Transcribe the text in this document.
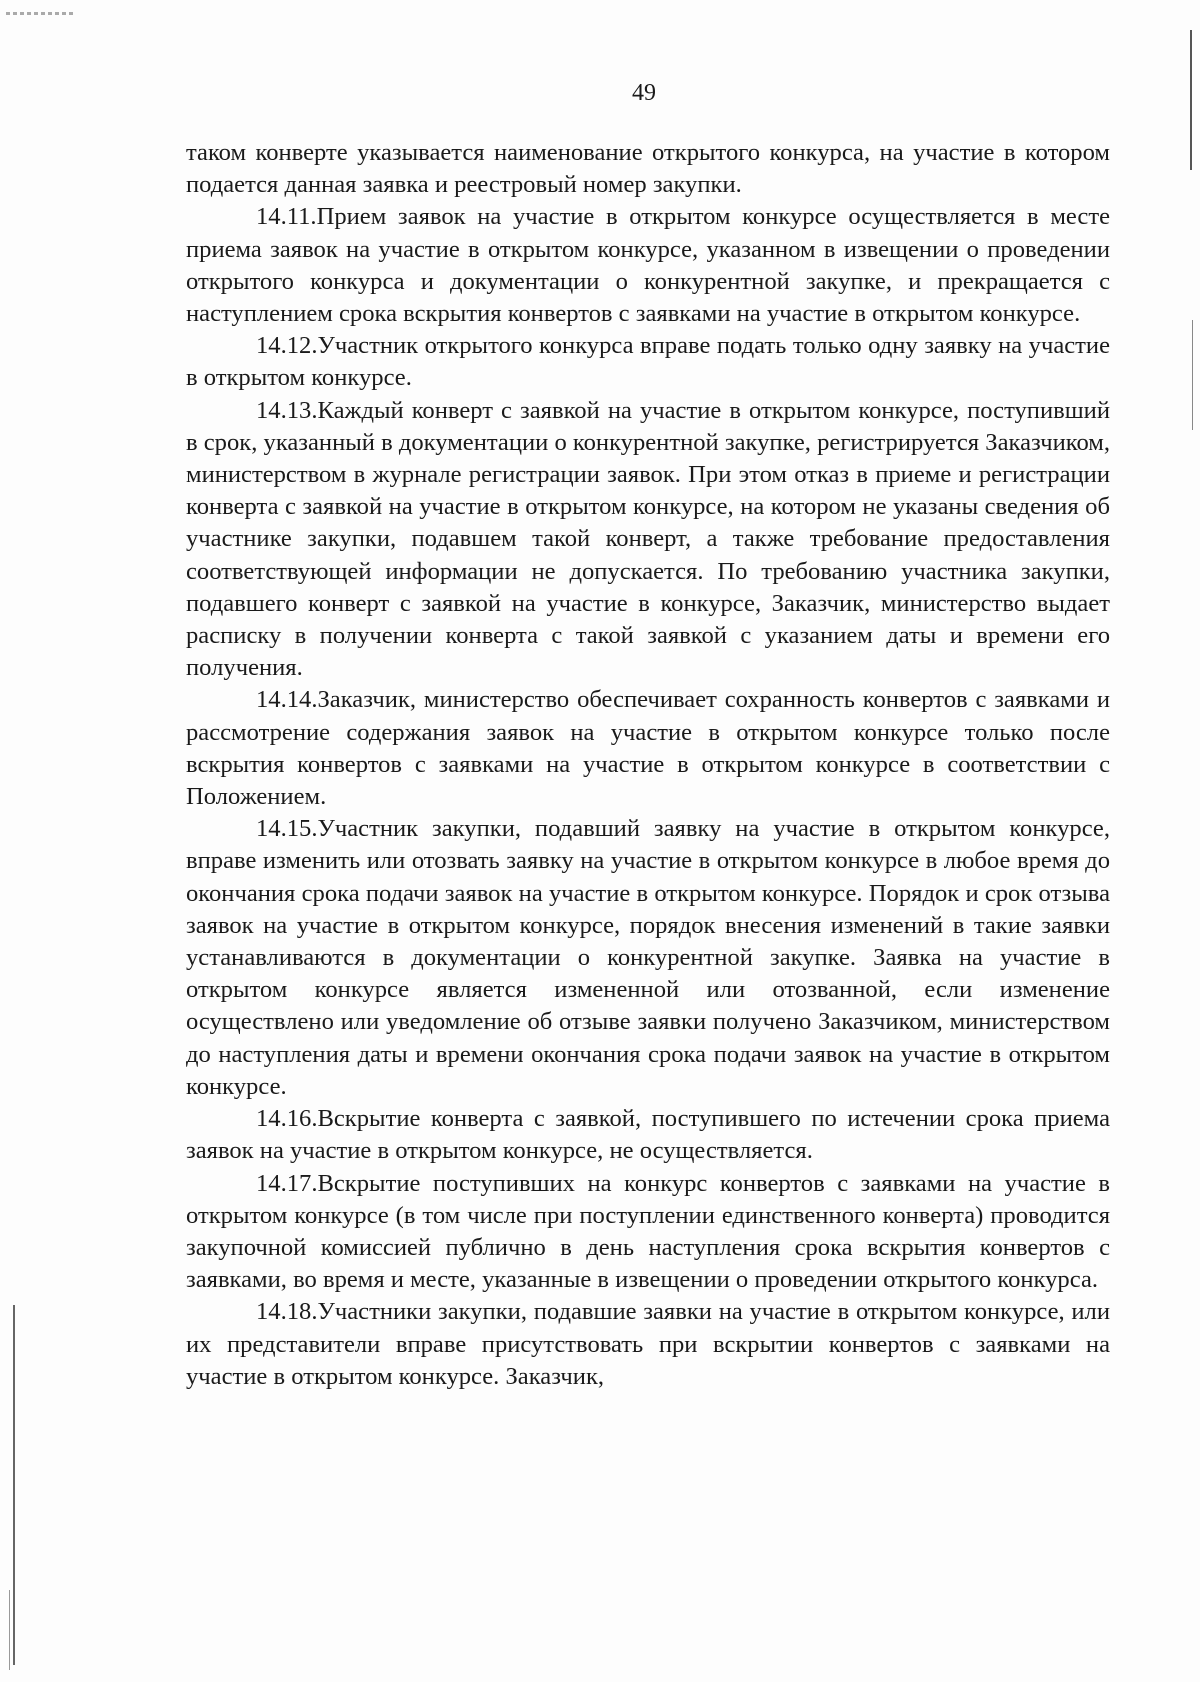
49

таком конверте указывается наименование открытого конкурса, на участие в котором подается данная заявка и реестровый номер закупки.

14.11.Прием заявок на участие в открытом конкурсе осуществляется в месте приема заявок на участие в открытом конкурсе, указанном в извещении о проведении открытого конкурса и документации о конкурентной закупке, и прекращается с наступлением срока вскрытия конвертов с заявками на участие в открытом конкурсе.

14.12.Участник открытого конкурса вправе подать только одну заявку на участие в открытом конкурсе.

14.13.Каждый конверт с заявкой на участие в открытом конкурсе, поступивший в срок, указанный в документации о конкурентной закупке, регистрируется Заказчиком, министерством в журнале регистрации заявок. При этом отказ в приеме и регистрации конверта с заявкой на участие в открытом конкурсе, на котором не указаны сведения об участнике закупки, подавшем такой конверт, а также требование предоставления соответствующей информации не допускается. По требованию участника закупки, подавшего конверт с заявкой на участие в конкурсе, Заказчик, министерство выдает расписку в получении конверта с такой заявкой с указанием даты и времени его получения.

14.14.Заказчик, министерство обеспечивает сохранность конвертов с заявками и рассмотрение содержания заявок на участие в открытом конкурсе только после вскрытия конвертов с заявками на участие в открытом конкурсе в соответствии с Положением.

14.15.Участник закупки, подавший заявку на участие в открытом конкурсе, вправе изменить или отозвать заявку на участие в открытом конкурсе в любое время до окончания срока подачи заявок на участие в открытом конкурсе. Порядок и срок отзыва заявок на участие в открытом конкурсе, порядок внесения изменений в такие заявки устанавливаются в документации о конкурентной закупке. Заявка на участие в открытом конкурсе является измененной или отозванной, если изменение осуществлено или уведомление об отзыве заявки получено Заказчиком, министерством до наступления даты и времени окончания срока подачи заявок на участие в открытом конкурсе.

14.16.Вскрытие конверта с заявкой, поступившего по истечении срока приема заявок на участие в открытом конкурсе, не осуществляется.

14.17.Вскрытие поступивших на конкурс конвертов с заявками на участие в открытом конкурсе (в том числе при поступлении единственного конверта) проводится закупочной комиссией публично в день наступления срока вскрытия конвертов с заявками, во время и месте, указанные в извещении о проведении открытого конкурса.

14.18.Участники закупки, подавшие заявки на участие в открытом конкурсе, или их представители вправе присутствовать при вскрытии конвертов с заявками на участие в открытом конкурсе. Заказчик,
